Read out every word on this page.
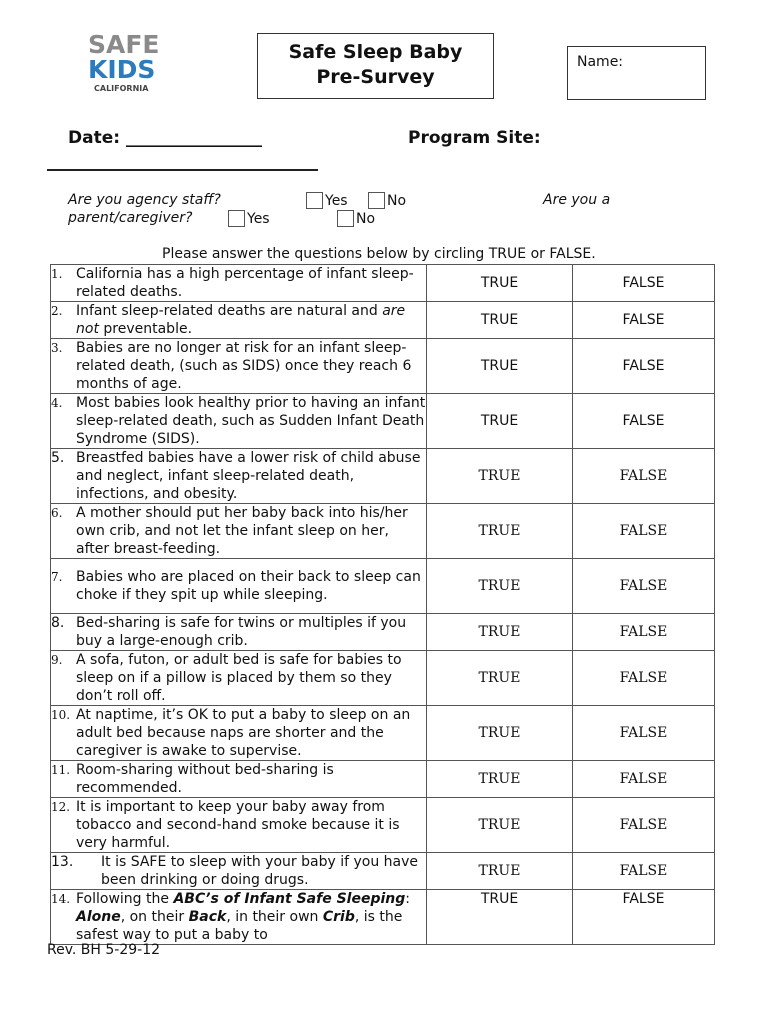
SAFE
KIDS
CALIFORNIA
Safe Sleep Baby
Pre-Survey
Name:
Date: ________________	Program Site:
Are you agency staff?	Yes	No	Are you a
parent/caregiver?	Yes	No
Please answer the questions below by circling TRUE or FALSE.
1. California has a high percentage of infant sleep-related deaths.	TRUE	FALSE

2. Infant sleep-related deaths are natural and are not preventable.	TRUE	FALSE

3. Babies are no longer at risk for an infant sleep-related death, (such as SIDS) once they reach 6 months of age.	TRUE	FALSE

4. Most babies look healthy prior to having an infant sleep-related death, such as Sudden Infant Death Syndrome (SIDS).	TRUE	FALSE

5. Breastfed babies have a lower risk of child abuse and neglect, infant sleep-related death, infections, and obesity.	TRUE	FALSE

6. A mother should put her baby back into his/her own crib, and not let the infant sleep on her, after breast-feeding.	TRUE	FALSE

7. Babies who are placed on their back to sleep can choke if they spit up while sleeping.	TRUE	FALSE

8. Bed-sharing is safe for twins or multiples if you buy a large-enough crib.	TRUE	FALSE

9. A sofa, futon, or adult bed is safe for babies to sleep on if a pillow is placed by them so they don’t roll off.	TRUE	FALSE

10. At naptime, it’s OK to put a baby to sleep on an adult bed because naps are shorter and the caregiver is awake to supervise.	TRUE	FALSE

11. Room-sharing without bed-sharing is recommended.	TRUE	FALSE

12. It is important to keep your baby away from tobacco and second-hand smoke because it is very harmful.	TRUE	FALSE

13. It is SAFE to sleep with your baby if you have been drinking or doing drugs.	TRUE	FALSE

14. Following the ABC’s of Infant Safe Sleeping: Alone, on their Back, in their own Crib, is the safest way to put a baby to	TRUE	FALSE
Rev. BH 5-29-12
